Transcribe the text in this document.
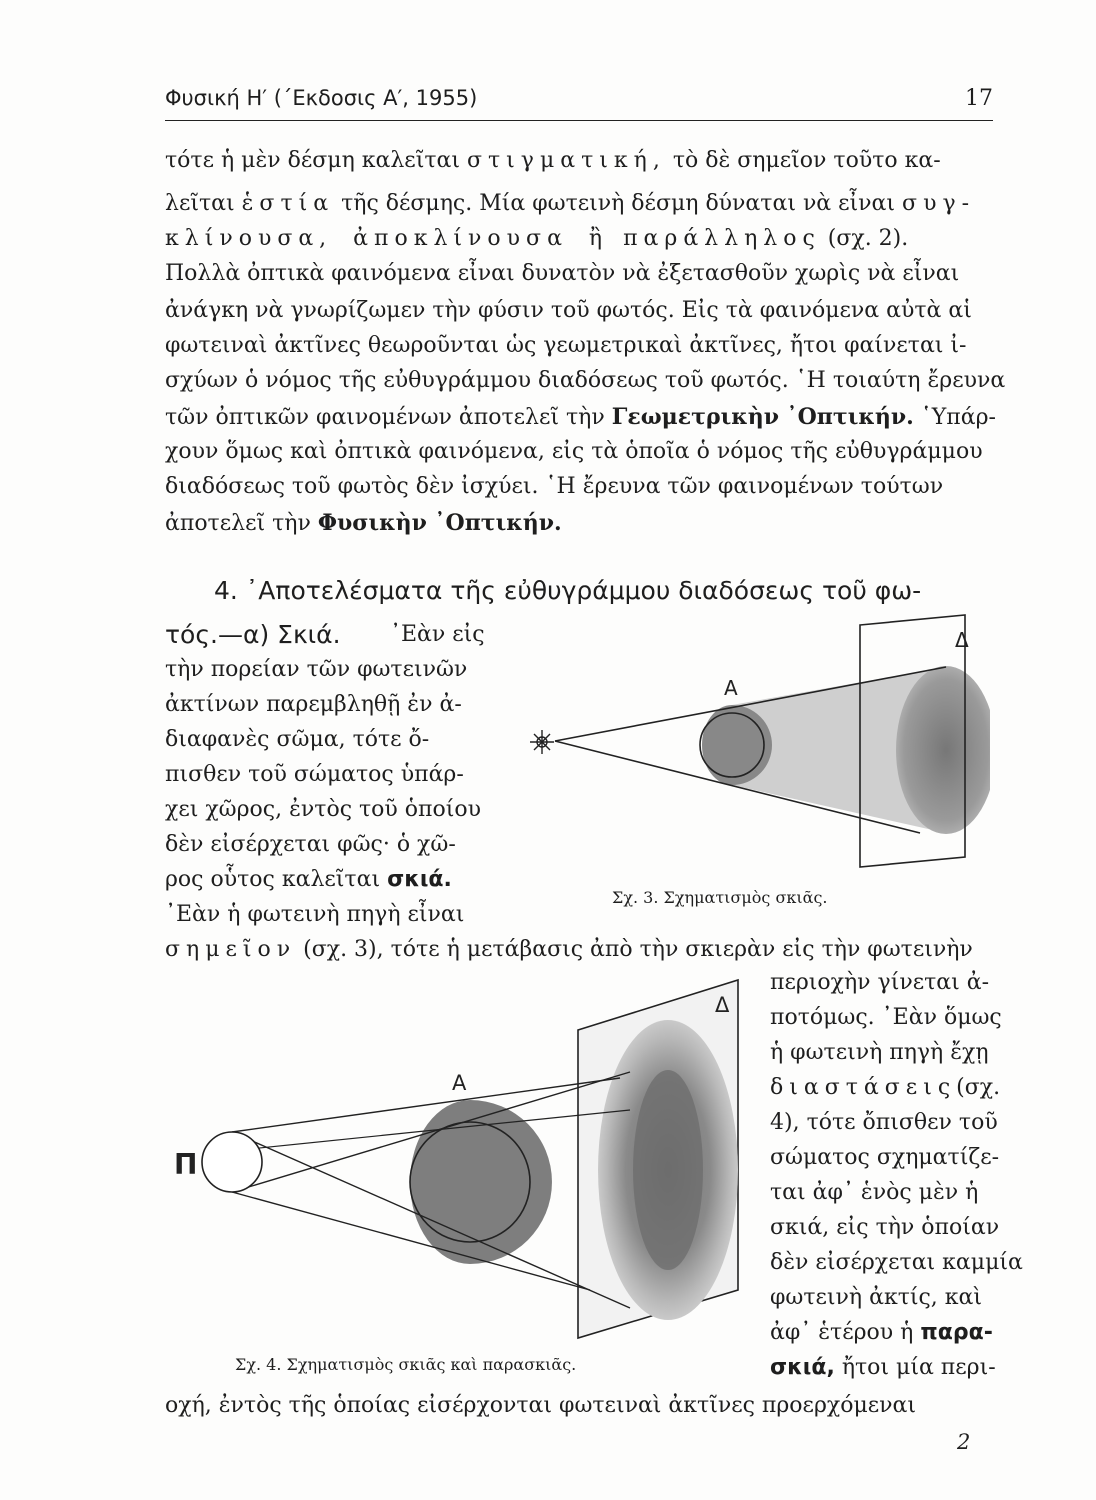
Φυσική Η′ (΄Εκδοσις Α′, 1955)	17
τότε ἡ μὲν δέσμη καλεῖται στιγματική, τὸ δὲ σημεῖον τοῦτο κα-
λεῖται ἑστία τῆς δέσμης. Μία φωτεινὴ δέσμη δύναται νὰ εἶναι συγ-
κλίνουσα, ἀποκλίνουσα ἢ παράλληλος (σχ. 2).
Πολλὰ ὀπτικὰ φαινόμενα εἶναι δυνατὸν νὰ ἐξετασθοῦν χωρὶς νὰ εἶναι
ἀνάγκη νὰ γνωρίζωμεν τὴν φύσιν τοῦ φωτός. Εἰς τὰ φαινόμενα αὐτὰ αἱ
φωτειναὶ ἀκτῖνες θεωροῦνται ὡς γεωμετρικαὶ ἀκτῖνες, ἤτοι φαίνεται ἰ-
σχύων ὁ νόμος τῆς εὐθυγράμμου διαδόσεως τοῦ φωτός. ῾Η τοιαύτη ἔρευνα
τῶν ὀπτικῶν φαινομένων ἀποτελεῖ τὴν Γεωμετρικὴν ᾿Οπτικήν. ῾Υπάρ-
χουν ὅμως καὶ ὀπτικὰ φαινόμενα, εἰς τὰ ὁποῖα ὁ νόμος τῆς εὐθυγράμμου
διαδόσεως τοῦ φωτὸς δὲν ἰσχύει. ῾Η ἔρευνα τῶν φαινομένων τούτων
ἀποτελεῖ τὴν Φυσικὴν ᾿Οπτικήν.
4. ᾿Αποτελέσματα τῆς εὐθυγράμμου διαδόσεως τοῦ φω-
τός.—α) Σκιά. ᾿Εὰν εἰς
τὴν πορείαν τῶν φωτεινῶν
ἀκτίνων παρεμβληθῇ ἐν ἀ-
διαφανὲς σῶμα, τότε ὄ-
πισθεν τοῦ σώματος ὑπάρ-
χει χῶρος, ἐντὸς τοῦ ὁποίου
δὲν εἰσέρχεται φῶς· ὁ χῶ-
ρος οὗτος καλεῖται σκιά.
᾿Εὰν ἡ φωτεινὴ πηγὴ εἶναι
Α
Δ
Σχ. 3. Σχηματισμὸς σκιᾶς.
σημεῖον (σχ. 3), τότε ἡ μετάβασις ἀπὸ τὴν σκιερὰν εἰς τὴν φωτεινὴν
περιοχὴν γίνεται ἀ-
ποτόμως. ᾿Εὰν ὅμως
ἡ φωτεινὴ πηγὴ ἔχῃ
διαστάσεις(σχ.
4), τότε ὄπισθεν τοῦ
σώματος σχηματίζε-
ται ἀφ᾿ ἑνὸς μὲν ἡ
σκιά, εἰς τὴν ὁποίαν
δὲν εἰσέρχεται καμμία
φωτεινὴ ἀκτίς, καὶ
ἀφ᾿ ἑτέρου ἡ παρα-
σκιά, ἤτοι μία περι-
Π
Α
Δ
Σχ. 4. Σχηματισμὸς σκιᾶς καὶ παρασκιᾶς.
οχή, ἐντὸς τῆς ὁποίας εἰσέρχονται φωτειναὶ ἀκτῖνες προερχόμεναι
2
